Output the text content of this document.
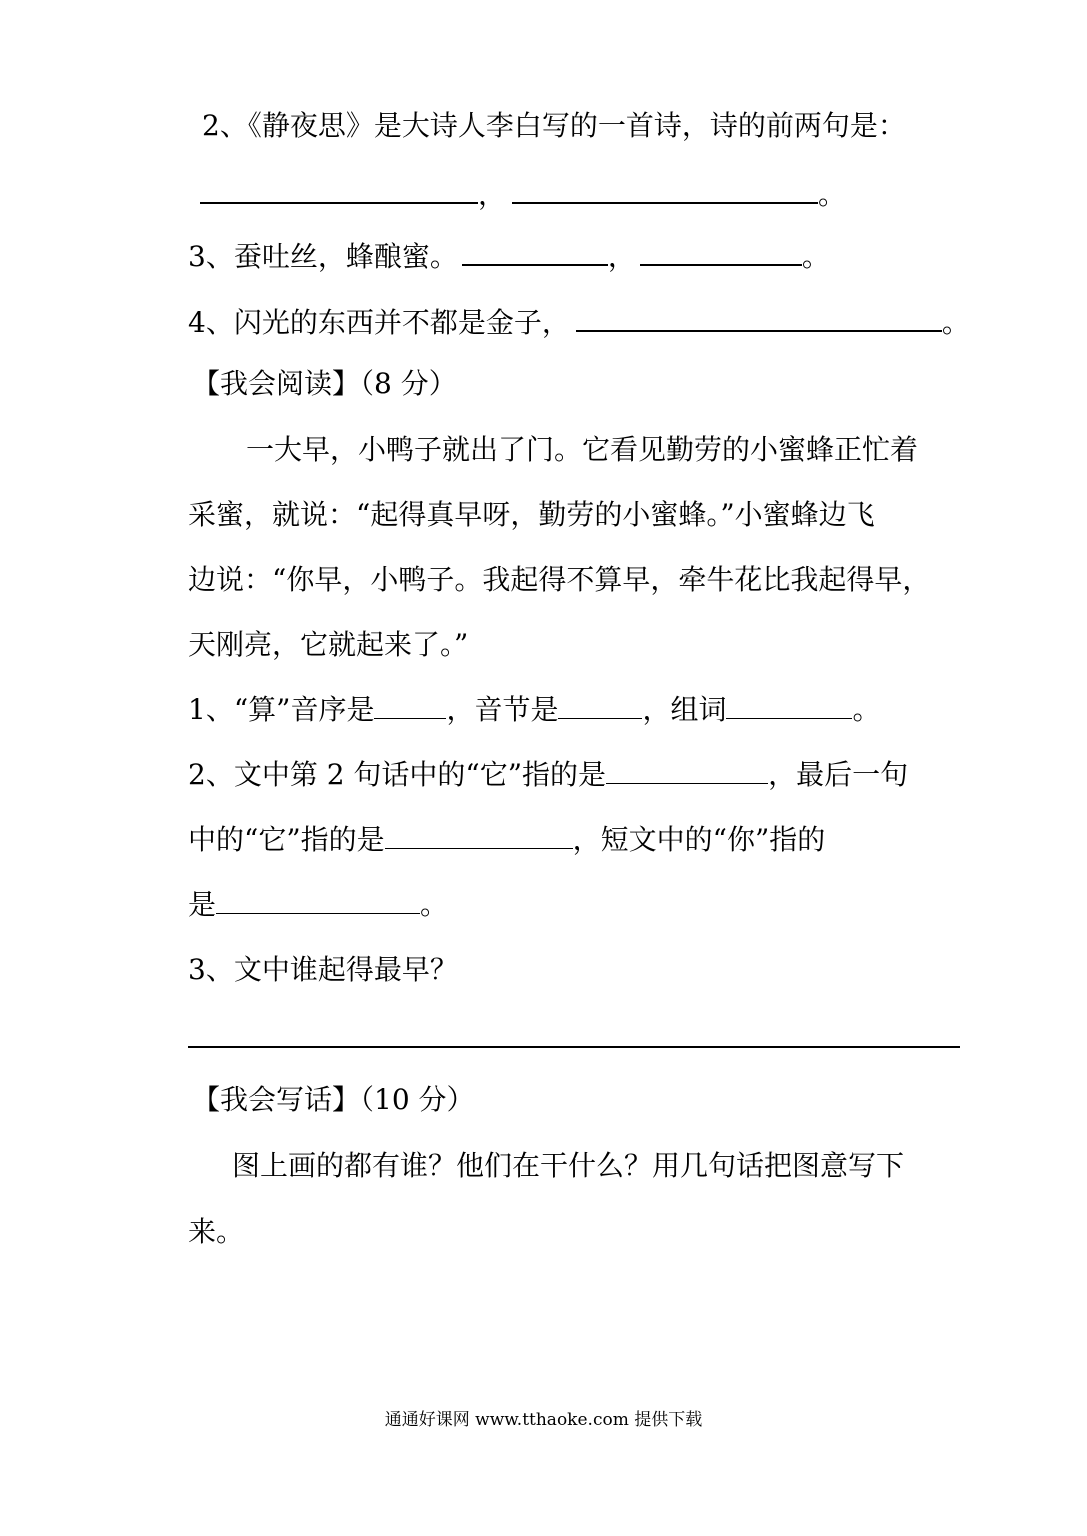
2、《静夜思》是大诗人李白写的一首诗，诗的前两句是：
，	。
3、蚕吐丝，蜂酿蜜。	，	。
4、闪光的东西并不都是金子，	。
【我会阅读】（8 分）
一大早，小鸭子就出了门。它看见勤劳的小蜜蜂正忙着
采蜜，就说：“起得真早呀，勤劳的小蜜蜂。”小蜜蜂边飞
边说：“你早，小鸭子。我起得不算早，牵牛花比我起得早，
天刚亮，它就起来了。”
1、“算”音序是	，音节是	，组词	。
2、文中第 2 句话中的“它”指的是	，最后一句
中的“它”指的是	，短文中的“你”指的
是	。
3、文中谁起得最早？
【我会写话】（10 分）
图上画的都有谁？他们在干什么？用几句话把图意写下
来。
通通好课网 www.tthaoke.com 提供下载
